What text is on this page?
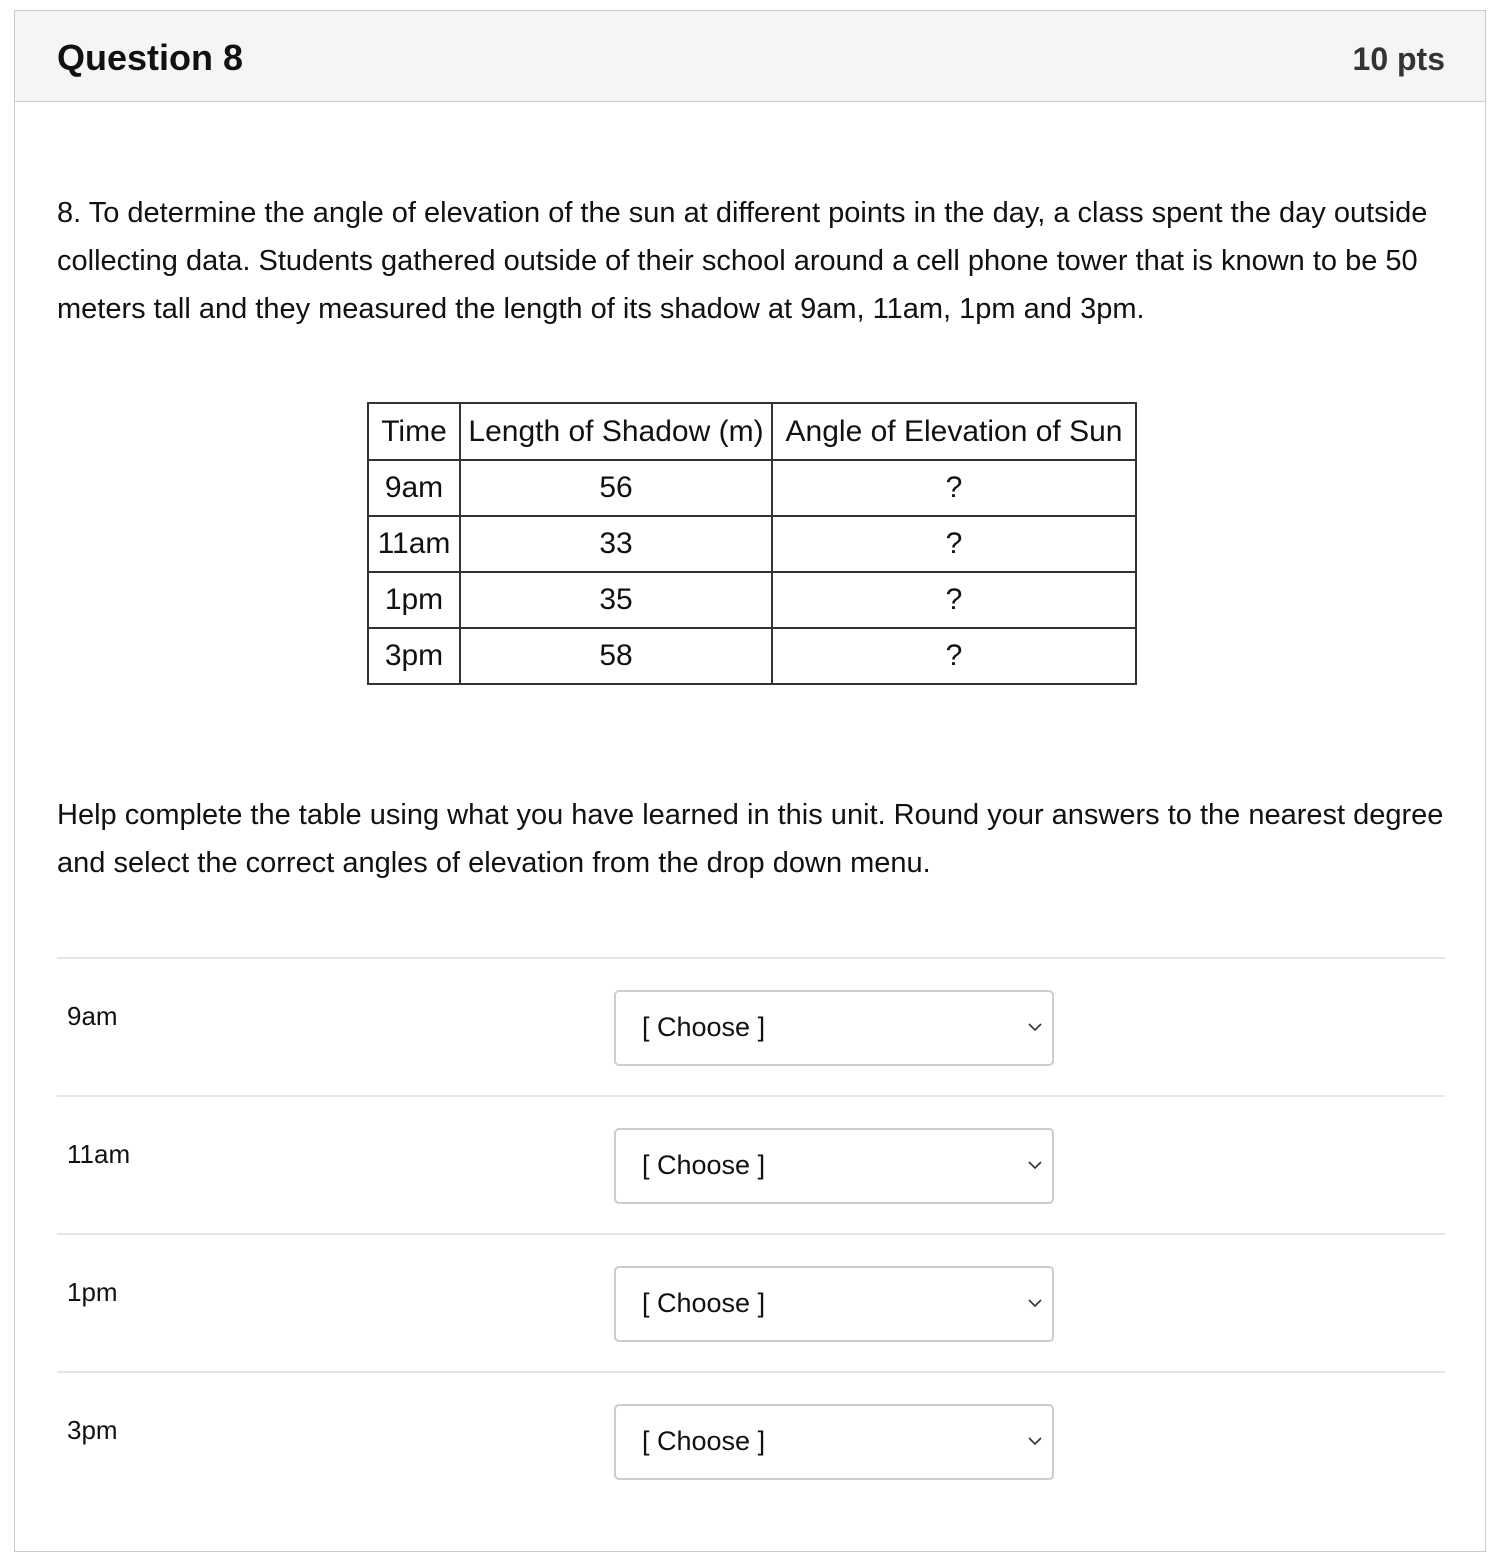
Question 8	10 pts
8. To determine the angle of elevation of the sun at different points in the day, a class spent the day outside collecting data. Students gathered outside of their school around a cell phone tower that is known to be 50 meters tall and they measured the length of its shadow at 9am, 11am, 1pm and 3pm.
Time	Length of Shadow (m)	Angle of Elevation of Sun
9am	56	?
11am	33	?
1pm	35	?
3pm	58	?
Help complete the table using what you have learned in this unit. Round your answers to the nearest degree and select the correct angles of elevation from the drop down menu.
9am	[ Choose ]
11am	[ Choose ]
1pm	[ Choose ]
3pm	[ Choose ]
